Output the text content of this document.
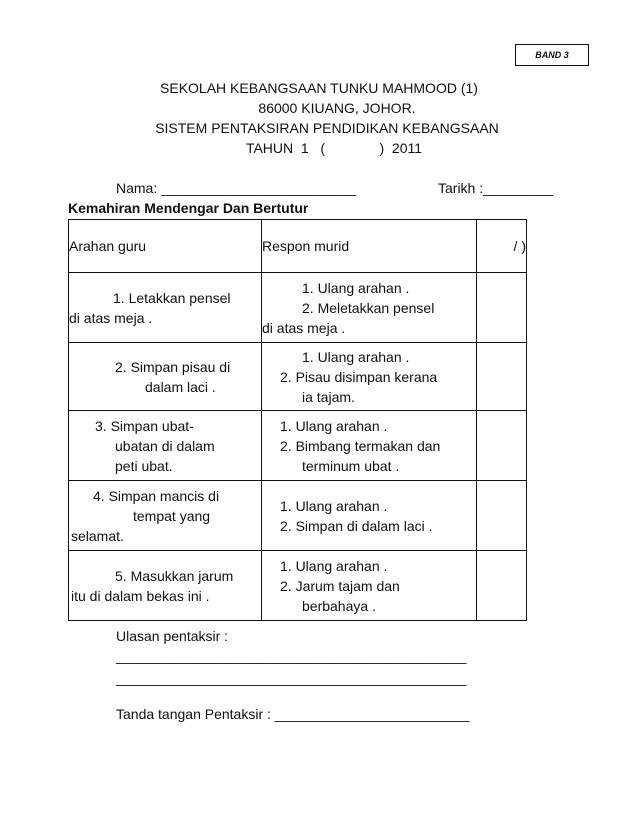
BAND 3
SEKOLAH KEBANGSAAN TUNKU MAHMOOD (1)
86000 KIUANG, JOHOR.
SISTEM PENTAKSIRAN PENDIDIKAN KEBANGSAAN
TAHUN  1   (              )  2011
Nama: _________________________	Tarikh :_________
Kemahiran Mendengar Dan Bertutur
Arahan guru	Respon murid	/ )

1. Letakkan pensel
di atas meja .	1. Ulang arahan .
2. Meletakkan pensel
di atas meja .	

2. Simpan pisau di
dalam laci .	1. Ulang arahan .
2. Pisau disimpan kerana
ia tajam.	

3. Simpan ubat-
ubatan di dalam
peti ubat.	1. Ulang arahan .
2. Bimbang termakan dan
terminum ubat .	

4. Simpan mancis di
tempat yang
selamat.	1. Ulang arahan .
2. Simpan di dalam laci .	

5. Masukkan jarum
itu di dalam bekas ini .	1. Ulang arahan .
2. Jarum tajam dan
berbahaya .	

Ulasan pentaksir :
_____________________________________________
_____________________________________________
Tanda tangan Pentaksir : _________________________
